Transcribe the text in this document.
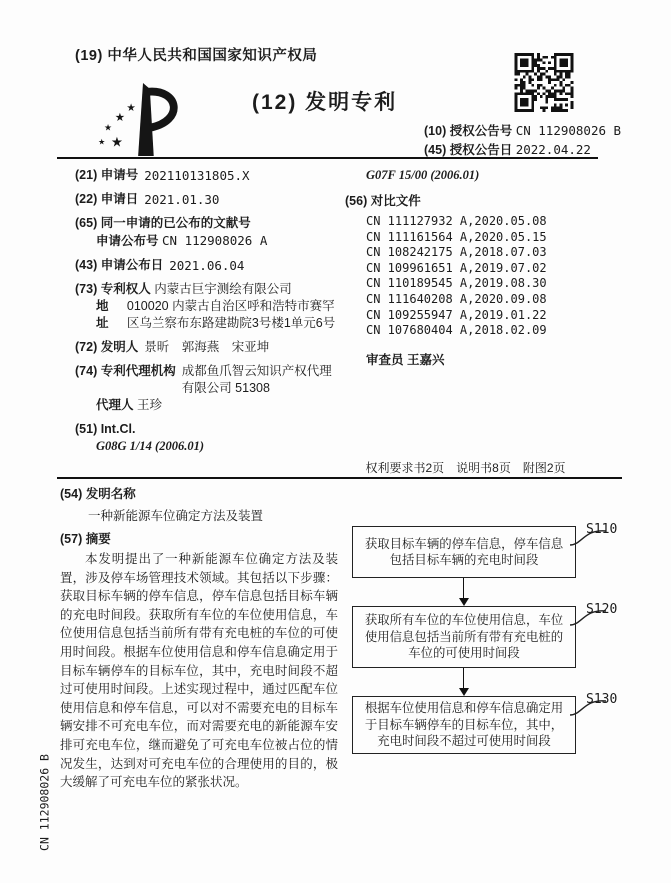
(19) 中华人民共和国国家知识产权局
★
★
★
★
★
(12) 发明专利
(10) 授权公告号 CN 112908026 B
(45) 授权公告日 2022.04.22
(21) 申请号 202110131805.X
(22) 申请日 2021.01.30
(65) 同一申请的已公布的文献号
申请公布号 CN 112908026 A
(43) 申请公布日 2021.06.04
(73) 专利权人 内蒙古巨宇测绘有限公司
地址
010020 内蒙古自治区呼和浩特市赛罕区乌兰察布东路建勘院3号楼1单元6号
(72) 发明人 景昕　郭海燕　宋亚坤
(74) 专利代理机构 成都鱼爪智云知识产权代理 有限公司 51308
代理人 王珍
(51) Int.Cl.
G08G 1/14 (2006.01)
G07F 15/00 (2006.01)
(56) 对比文件
CN 111127932 A,2020.05.08
CN 111161564 A,2020.05.15
CN 108242175 A,2018.07.03
CN 109961651 A,2019.07.02
CN 110189545 A,2019.08.30
CN 111640208 A,2020.09.08
CN 109255947 A,2019.01.22
CN 107680404 A,2018.02.09
审查员 王嘉兴
权利要求书2页　说明书8页　附图2页
(54) 发明名称
一种新能源车位确定方法及装置
(57) 摘要
本发明提出了一种新能源车位确定方法及装置，涉及停车场管理技术领域。其包括以下步骤：获取目标车辆的停车信息，停车信息包括目标车辆的充电时间段。获取所有车位的车位使用信息，车位使用信息包括当前所有带有充电桩的车位的可使用时间段。根据车位使用信息和停车信息确定用于目标车辆停车的目标车位，其中，充电时间段不超过可使用时间段。上述实现过程中，通过匹配车位使用信息和停车信息，可以对不需要充电的目标车辆安排不可充电车位，而对需要充电的新能源车安排可充电车位，继而避免了可充电车位被占位的情况发生，达到对可充电车位的合理使用的目的，极大缓解了可充电车位的紧张状况。
获取目标车辆的停车信息，停车信息包括目标车辆的充电时间段
S110
获取所有车位的车位使用信息，车位使用信息包括当前所有带有充电桩的车位的可使用时间段
S120
根据车位使用信息和停车信息确定用于目标车辆停车的目标车位，其中，充电时间段不超过可使用时间段
S130
CN 112908026 B
